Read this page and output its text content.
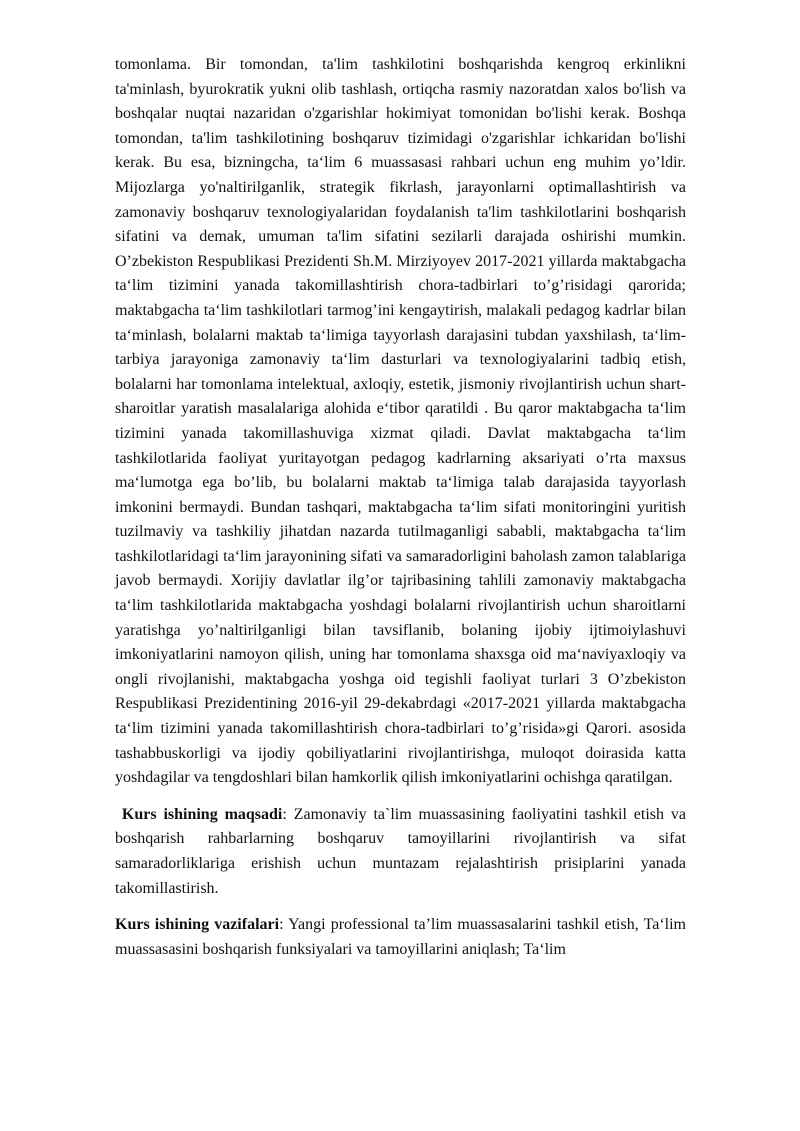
tomonlama. Bir tomondan, ta'lim tashkilotini boshqarishda kengroq erkinlikni ta'minlash, byurokratik yukni olib tashlash, ortiqcha rasmiy nazoratdan xalos bo'lish va boshqalar nuqtai nazaridan o'zgarishlar hokimiyat tomonidan bo'lishi kerak. Boshqa tomondan, ta'lim tashkilotining boshqaruv tizimidagi o'zgarishlar ichkaridan bo'lishi kerak. Bu esa, bizningcha, ta‘lim 6 muassasasi rahbari uchun eng muhim yo’ldir. Mijozlarga yo'naltirilganlik, strategik fikrlash, jarayonlarni optimallashtirish va zamonaviy boshqaruv texnologiyalaridan foydalanish ta'lim tashkilotlarini boshqarish sifatini va demak, umuman ta'lim sifatini sezilarli darajada oshirishi mumkin. O’zbekiston Respublikasi Prezidenti Sh.M. Mirziyoyev 2017-2021 yillarda maktabgacha ta‘lim tizimini yanada takomillashtirish chora-tadbirlari to’g’risidagi qarorida; maktabgacha ta‘lim tashkilotlari tarmog’ini kengaytirish, malakali pedagog kadrlar bilan ta‘minlash, bolalarni maktab ta‘limiga tayyorlash darajasini tubdan yaxshilash, ta‘lim-tarbiya jarayoniga zamonaviy ta‘lim dasturlari va texnologiyalarini tadbiq etish, bolalarni har tomonlama intelektual, axloqiy, estetik, jismoniy rivojlantirish uchun shart-sharoitlar yaratish masalalariga alohida e‘tibor qaratildi . Bu qaror maktabgacha ta‘lim tizimini yanada takomillashuviga xizmat qiladi. Davlat maktabgacha ta‘lim tashkilotlarida faoliyat yuritayotgan pedagog kadrlarning aksariyati o’rta maxsus ma‘lumotga ega bo’lib, bu bolalarni maktab ta‘limiga talab darajasida tayyorlash imkonini bermaydi. Bundan tashqari, maktabgacha ta‘lim sifati monitoringini yuritish tuzilmaviy va tashkiliy jihatdan nazarda tutilmaganligi sababli, maktabgacha ta‘lim tashkilotlaridagi ta‘lim jarayonining sifati va samaradorligini baholash zamon talablariga javob bermaydi. Xorijiy davlatlar ilg’or tajribasining tahlili zamonaviy maktabgacha ta‘lim tashkilotlarida maktabgacha yoshdagi bolalarni rivojlantirish uchun sharoitlarni yaratishga yo’naltirilganligi bilan tavsiflanib, bolaning ijobiy ijtimoiylashuvi imkoniyatlarini namoyon qilish, uning har tomonlama shaxsga oid ma‘naviyaxloqiy va ongli rivojlanishi, maktabgacha yoshga oid tegishli faoliyat turlari 3 O’zbekiston Respublikasi Prezidentining 2016-yil 29-dekabrdagi «2017-2021 yillarda maktabgacha ta‘lim tizimini yanada takomillashtirish chora-tadbirlari to’g’risida»gi Qarori. asosida tashabbuskorligi va ijodiy qobiliyatlarini rivojlantirishga, muloqot doirasida katta yoshdagilar va tengdoshlari bilan hamkorlik qilish imkoniyatlarini ochishga qaratilgan.

Kurs ishining maqsadi: Zamonaviy ta`lim muassasining faoliyatini tashkil etish va boshqarish rahbarlarning boshqaruv tamoyillarini rivojlantirish va sifat samaradorliklariga erishish uchun muntazam rejalashtirish prisiplarini yanada takomillastirish.

Kurs ishining vazifalari: Yangi professional ta’lim muassasalarini tashkil etish, Ta‘lim muassasasini boshqarish funksiyalari va tamoyillarini aniqlash; Ta‘lim
